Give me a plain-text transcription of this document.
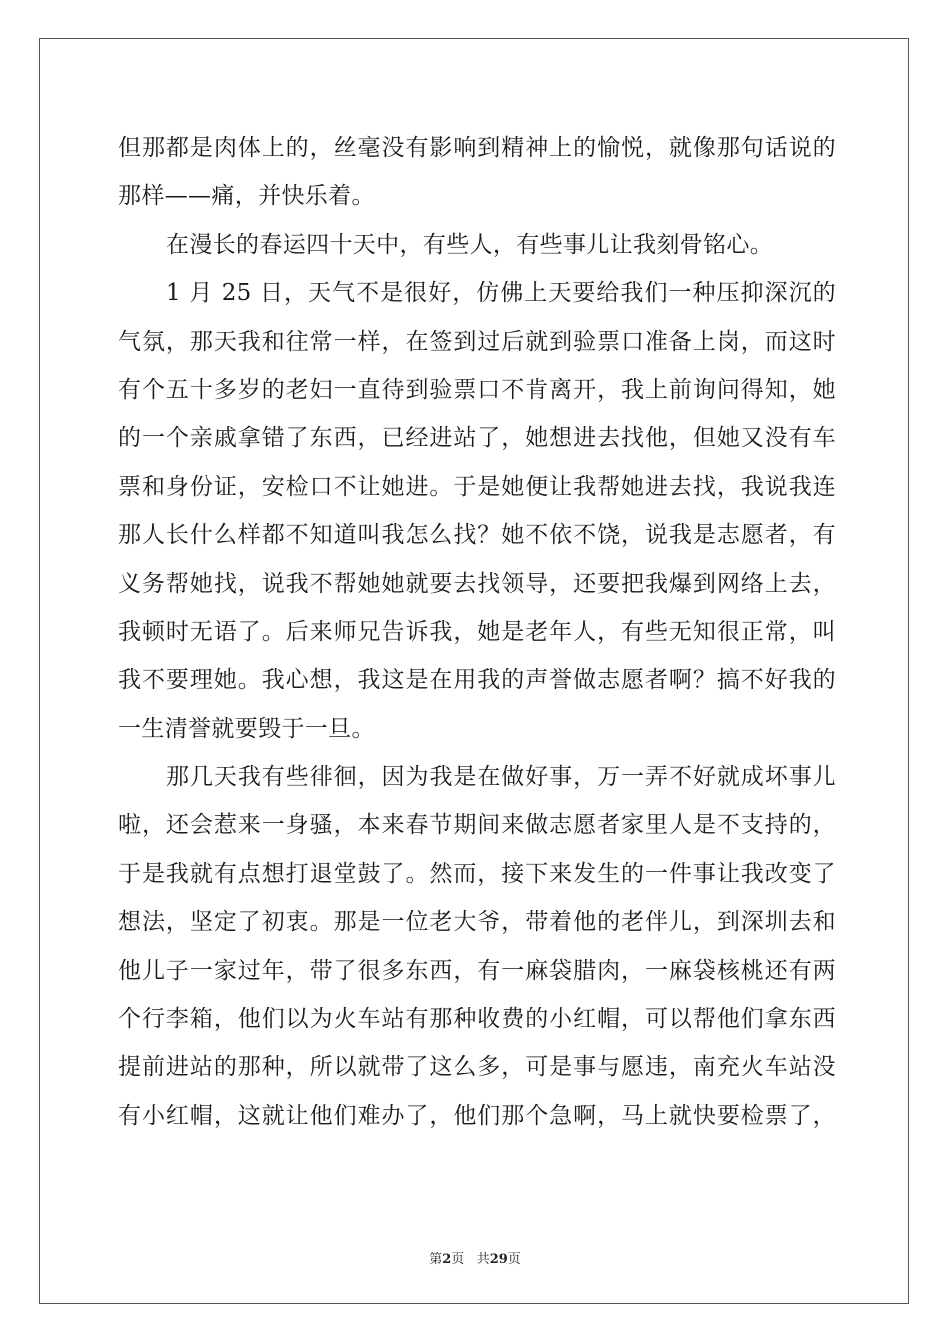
但那都是肉体上的，丝毫没有影响到精神上的愉悦，就像那句话说的
那样——痛，并快乐着。
在漫长的春运四十天中，有些人，有些事儿让我刻骨铭心。
1 月 25 日，天气不是很好，仿佛上天要给我们一种压抑深沉的
气氛，那天我和往常一样，在签到过后就到验票口准备上岗，而这时
有个五十多岁的老妇一直待到验票口不肯离开，我上前询问得知，她
的一个亲戚拿错了东西，已经进站了，她想进去找他，但她又没有车
票和身份证，安检口不让她进。于是她便让我帮她进去找，我说我连
那人长什么样都不知道叫我怎么找？她不依不饶，说我是志愿者，有
义务帮她找，说我不帮她她就要去找领导，还要把我爆到网络上去，
我顿时无语了。后来师兄告诉我，她是老年人，有些无知很正常，叫
我不要理她。我心想，我这是在用我的声誉做志愿者啊？搞不好我的
一生清誉就要毁于一旦。
那几天我有些徘徊，因为我是在做好事，万一弄不好就成坏事儿
啦，还会惹来一身骚，本来春节期间来做志愿者家里人是不支持的，
于是我就有点想打退堂鼓了。然而，接下来发生的一件事让我改变了
想法，坚定了初衷。那是一位老大爷，带着他的老伴儿，到深圳去和
他儿子一家过年，带了很多东西，有一麻袋腊肉，一麻袋核桃还有两
个行李箱，他们以为火车站有那种收费的小红帽，可以帮他们拿东西
提前进站的那种，所以就带了这么多，可是事与愿违，南充火车站没
有小红帽，这就让他们难办了，他们那个急啊，马上就快要检票了，
第2页 共29页
